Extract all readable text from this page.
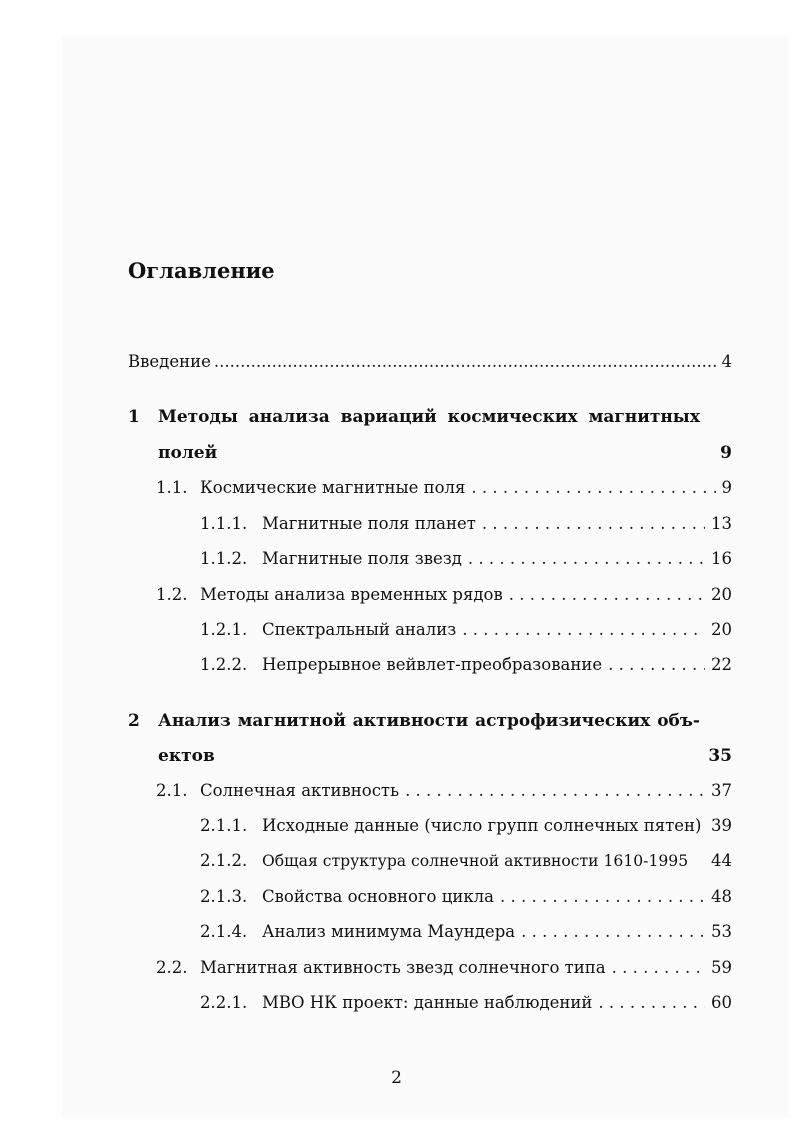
Оглавление
Введение .....	4
1 Методы анализа вариаций космических магнитных
полей	9
1.1. Космические магнитные поля . . .	9
1.1.1. Магнитные поля планет . . .	13
1.1.2. Магнитные поля звезд . . .	16
1.2. Методы анализа временных рядов . . .	20
1.2.1. Спектральный анализ . . .	20
1.2.2. Непрерывное вейвлет-преобразование . . .	22
2 Анализ магнитной активности астрофизических объ-
ектов	35
2.1. Солнечная активность . . .	37
2.1.1. Исходные данные (число групп солнечных пятен) 39
2.1.2. Общая структура солнечной активности 1610-1995	44
2.1.3. Свойства основного цикла . . .	48
2.1.4. Анализ минимума Маундера . . .	53
2.2. Магнитная активность звезд солнечного типа . . .	59
2.2.1. МВО НК проект: данные наблюдений . . .	60
2
